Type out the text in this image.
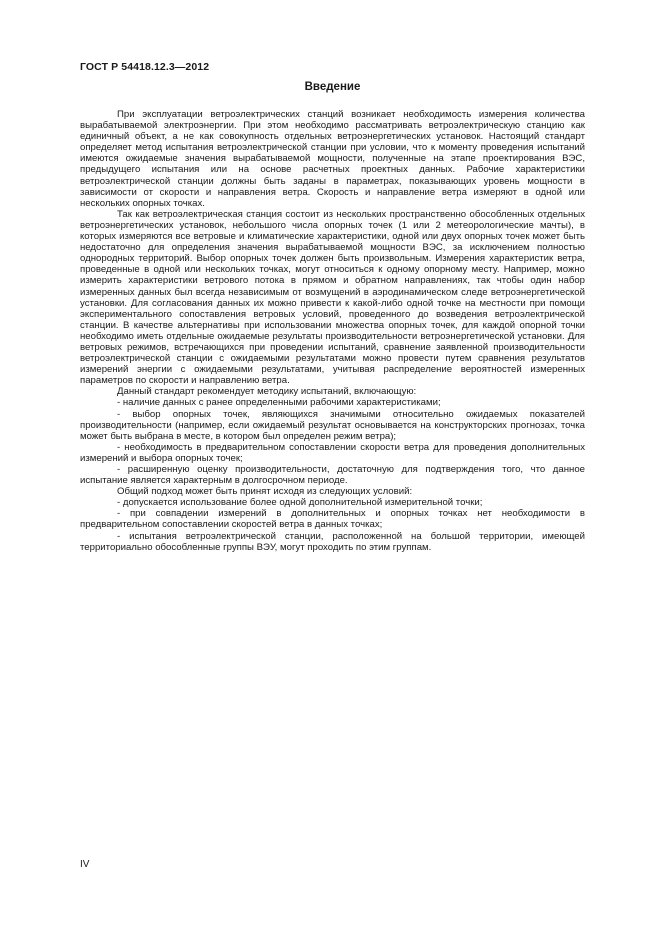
ГОСТ Р 54418.12.3—2012
Введение

При эксплуатации ветроэлектрических станций возникает необходимость измерения количества вырабатываемой электроэнергии. При этом необходимо рассматривать ветроэлектрическую станцию как единичный объект, а не как совокупность отдельных ветроэнергетических установок. Настоящий стандарт определяет метод испытания ветроэлектрической станции при условии, что к моменту проведения испытаний имеются ожидаемые значения вырабатываемой мощности, полученные на этапе проектирования ВЭС, предыдущего испытания или на основе расчетных проектных данных. Рабочие характеристики ветроэлектрической станции должны быть заданы в параметрах, показывающих уровень мощности в зависимости от скорости и направления ветра. Скорость и направление ветра измеряют в одной или нескольких опорных точках.

Так как ветроэлектрическая станция состоит из нескольких пространственно обособленных отдельных ветроэнергетических установок, небольшого числа опорных точек (1 или 2 метеорологические мачты), в которых измеряются все ветровые и климатические характеристики, одной или двух опорных точек может быть недостаточно для определения значения вырабатываемой мощности ВЭС, за исключением полностью однородных территорий. Выбор опорных точек должен быть произвольным. Измерения характеристик ветра, проведенные в одной или нескольких точках, могут относиться к одному опорному месту. Например, можно измерить характеристики ветрового потока в прямом и обратном направлениях, так чтобы один набор измеренных данных был всегда независимым от возмущений в аэродинамическом следе ветроэнергетической установки. Для согласования данных их можно привести к какой-либо одной точке на местности при помощи экспериментального сопоставления ветровых условий, проведенного до возведения ветроэлектрической станции. В качестве альтернативы при использовании множества опорных точек, для каждой опорной точки необходимо иметь отдельные ожидаемые результаты производительности ветроэнергетической установки. Для ветровых режимов, встречающихся при проведении испытаний, сравнение заявленной производительности ветроэлектрической станции с ожидаемыми результатами можно провести путем сравнения результатов измерений энергии с ожидаемыми результатами, учитывая распределение вероятностей измеренных параметров по скорости и направлению ветра.

Данный стандарт рекомендует методику испытаний, включающую:

- наличие данных с ранее определенными рабочими характеристиками;

- выбор опорных точек, являющихся значимыми относительно ожидаемых показателей производительности (например, если ожидаемый результат основывается на конструкторских прогнозах, точка может быть выбрана в месте, в котором был определен режим ветра);

- необходимость в предварительном сопоставлении скорости ветра для проведения дополнительных измерений и выбора опорных точек;

- расширенную оценку производительности, достаточную для подтверждения того, что данное испытание является характерным в долгосрочном периоде.

Общий подход может быть принят исходя из следующих условий:

- допускается использование более одной дополнительной измерительной точки;

- при совпадении измерений в дополнительных и опорных точках нет необходимости в предварительном сопоставлении скоростей ветра в данных точках;

- испытания ветроэлектрической станции, расположенной на большой территории, имеющей территориально обособленные группы ВЭУ, могут проходить по этим группам.

IV
